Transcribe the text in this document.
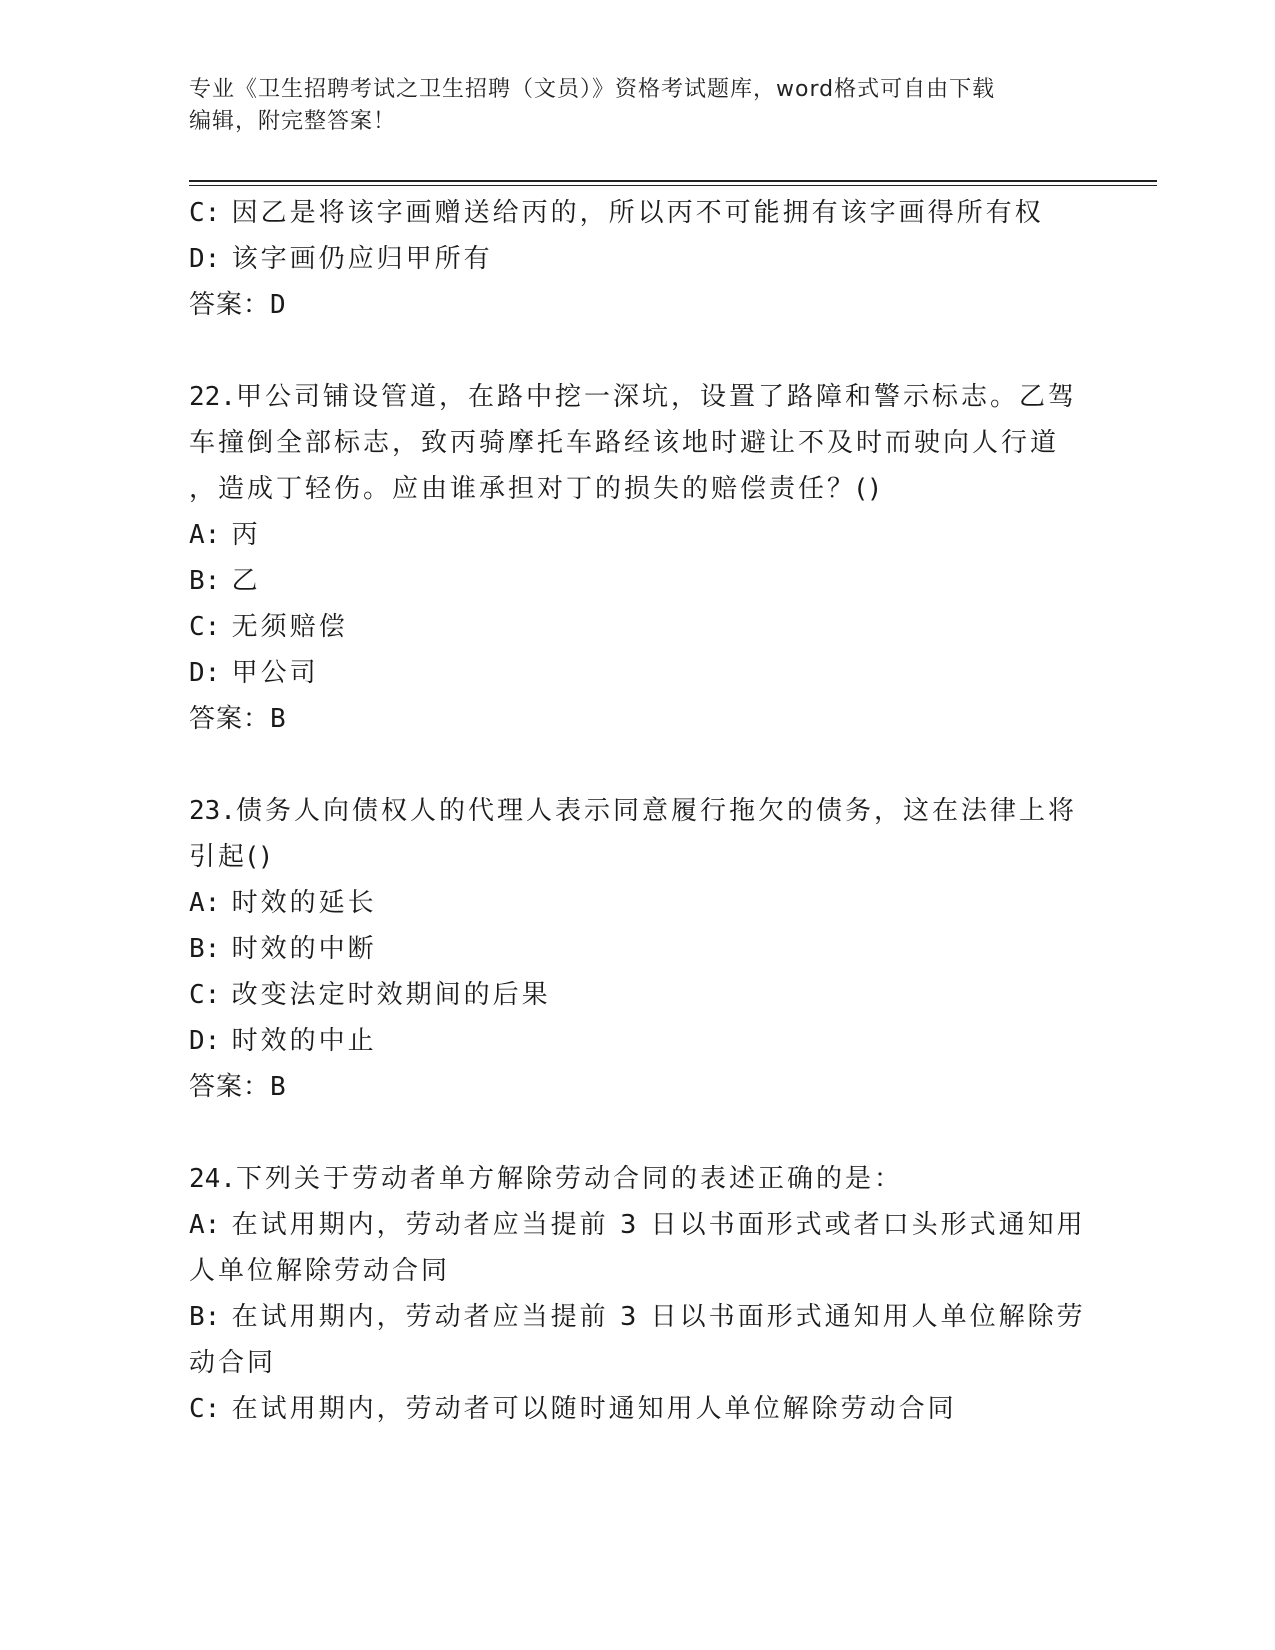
专业《卫生招聘考试之卫生招聘（文员）》资格考试题库，word格式可自由下载
编辑，附完整答案！
C: 因乙是将该字画赠送给丙的，所以丙不可能拥有该字画得所有权
D: 该字画仍应归甲所有
答案：D
22.甲公司铺设管道，在路中挖一深坑，设置了路障和警示标志。乙驾
车撞倒全部标志，致丙骑摩托车路经该地时避让不及时而驶向人行道
，造成丁轻伤。应由谁承担对丁的损失的赔偿责任？()
A: 丙
B: 乙
C: 无须赔偿
D: 甲公司
答案：B
23.债务人向债权人的代理人表示同意履行拖欠的债务，这在法律上将
引起()
A: 时效的延长
B: 时效的中断
C: 改变法定时效期间的后果
D: 时效的中止
答案：B
24.下列关于劳动者单方解除劳动合同的表述正确的是：
A: 在试用期内，劳动者应当提前 3 日以书面形式或者口头形式通知用
人单位解除劳动合同
B: 在试用期内，劳动者应当提前 3 日以书面形式通知用人单位解除劳
动合同
C: 在试用期内，劳动者可以随时通知用人单位解除劳动合同
